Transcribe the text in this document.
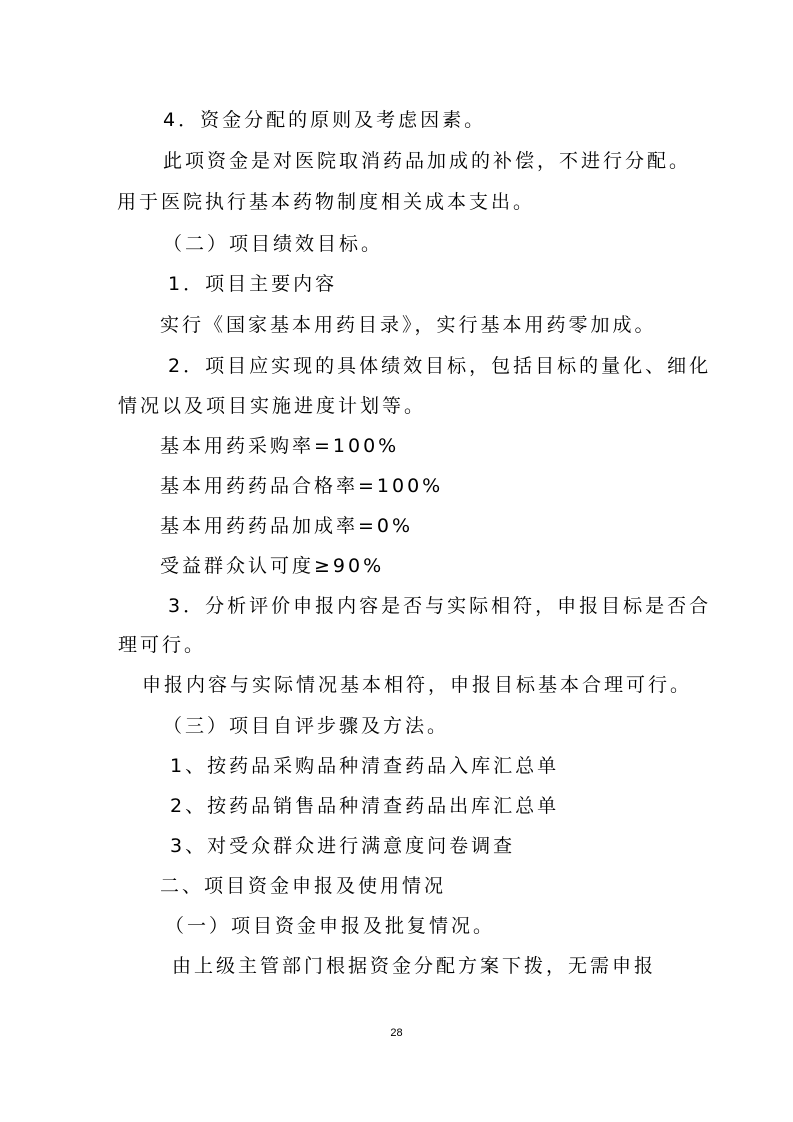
4．资金分配的原则及考虑因素。

此项资金是对医院取消药品加成的补偿，不进行分配。

用于医院执行基本药物制度相关成本支出。

（二）项目绩效目标。

1．项目主要内容

实行《国家基本用药目录》，实行基本用药零加成。

2．项目应实现的具体绩效目标，包括目标的量化、细化

情况以及项目实施进度计划等。

基本用药采购率=100%

基本用药药品合格率=100%

基本用药药品加成率=0%

受益群众认可度≥90%

3．分析评价申报内容是否与实际相符，申报目标是否合

理可行。

申报内容与实际情况基本相符，申报目标基本合理可行。

（三）项目自评步骤及方法。

1、按药品采购品种清查药品入库汇总单

2、按药品销售品种清查药品出库汇总单

3、对受众群众进行满意度问卷调查

二、项目资金申报及使用情况

（一）项目资金申报及批复情况。

由上级主管部门根据资金分配方案下拨，无需申报

28
